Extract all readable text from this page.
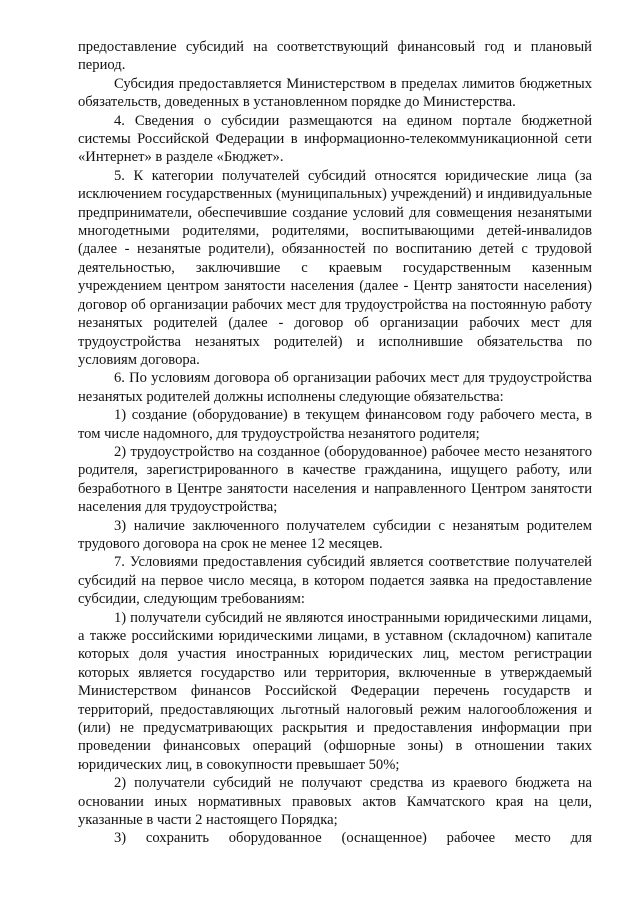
предоставление субсидий на соответствующий финансовый год и плановый период.

Субсидия предоставляется Министерством в пределах лимитов бюджетных обязательств, доведенных в установленном порядке до Министерства.

4. Сведения о субсидии размещаются на едином портале бюджетной системы Российской Федерации в информационно-телекоммуникационной сети «Интернет» в разделе «Бюджет».

5. К категории получателей субсидий относятся юридические лица (за исключением государственных (муниципальных) учреждений) и индивидуальные предприниматели, обеспечившие создание условий для совмещения незанятыми многодетными родителями, родителями, воспитывающими детей-инвалидов (далее - незанятые родители), обязанностей по воспитанию детей с трудовой деятельностью, заключившие с краевым государственным казенным учреждением центром занятости населения (далее - Центр занятости населения) договор об организации рабочих мест для трудоустройства на постоянную работу незанятых родителей (далее - договор об организации рабочих мест для трудоустройства незанятых родителей) и исполнившие обязательства по условиям договора.

6. По условиям договора об организации рабочих мест для трудоустройства незанятых родителей должны исполнены следующие обязательства:

1) создание (оборудование) в текущем финансовом году рабочего места, в том числе надомного, для трудоустройства незанятого родителя;

2) трудоустройство на созданное (оборудованное) рабочее место незанятого родителя, зарегистрированного в качестве гражданина, ищущего работу, или безработного в Центре занятости населения и направленного Центром занятости населения для трудоустройства;

3) наличие заключенного получателем субсидии с незанятым родителем трудового договора на срок не менее 12 месяцев.

7. Условиями предоставления субсидий является соответствие получателей субсидий на первое число месяца, в котором подается заявка на предоставление субсидии, следующим требованиям:

1) получатели субсидий не являются иностранными юридическими лицами, а также российскими юридическими лицами, в уставном (складочном) капитале которых доля участия иностранных юридических лиц, местом регистрации которых является государство или территория, включенные в утверждаемый Министерством финансов Российской Федерации перечень государств и территорий, предоставляющих льготный налоговый режим налогообложения и (или) не предусматривающих раскрытия и предоставления информации при проведении финансовых операций (офшорные зоны) в отношении таких юридических лиц, в совокупности превышает 50%;

2) получатели субсидий не получают средства из краевого бюджета на основании иных нормативных правовых актов Камчатского края на цели, указанные в части 2 настоящего Порядка;

3) сохранить оборудованное (оснащенное) рабочее место для
